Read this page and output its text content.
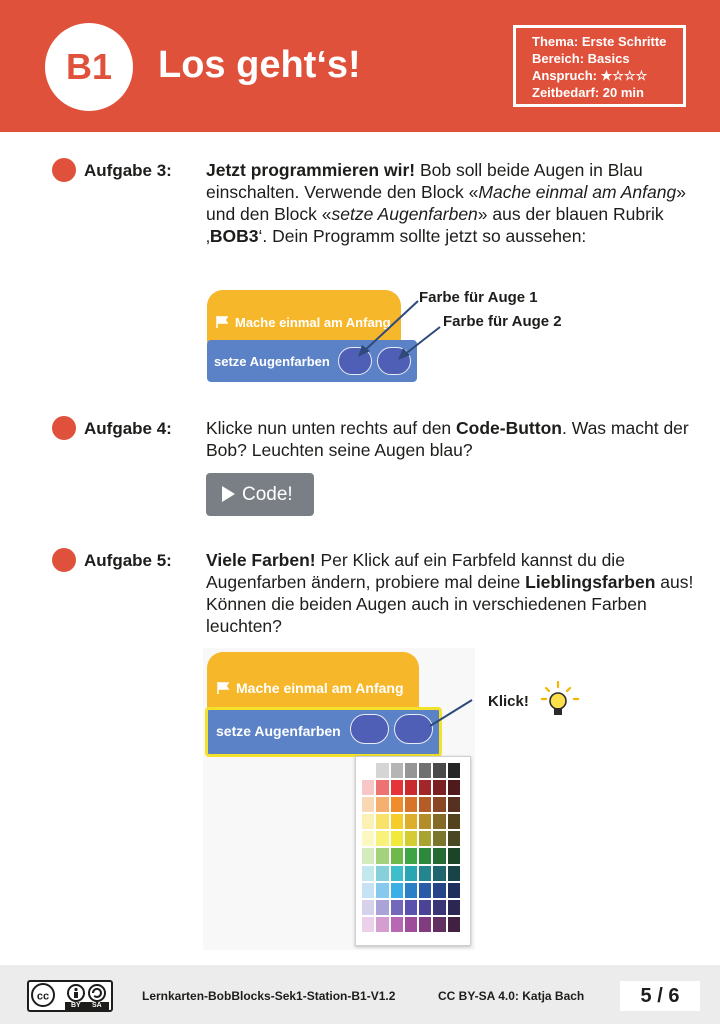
B1	Los geht‘s!
Thema: Erste Schritte
Bereich: Basics
Anspruch: ★☆☆☆
Zeitbedarf: 20 min
Aufgabe 3: Jetzt programmieren wir! Bob soll beide Augen in Blau einschalten. Verwende den Block «Mache einmal am Anfang» und den Block «setze Augenfarben» aus der blauen Rubrik ‚BOB3‘. Dein Programm sollte jetzt so aussehen:
Mache einmal am Anfang
setze Augenfarben
Farbe für Auge 1
Farbe für Auge 2
Aufgabe 4: Klicke nun unten rechts auf den Code-Button. Was macht der Bob? Leuchten seine Augen blau?
Code!
Aufgabe 5: Viele Farben! Per Klick auf ein Farbfeld kannst du die Augenfarben ändern, probiere mal deine Lieblingsfarben aus! Können die beiden Augen auch in verschiedenen Farben leuchten?
Mache einmal am Anfang
setze Augenfarben
Klick!
cc
BY SA
Lernkarten-BobBlocks-Sek1-Station-B1-V1.2	CC BY-SA 4.0: Katja Bach	5 / 6
